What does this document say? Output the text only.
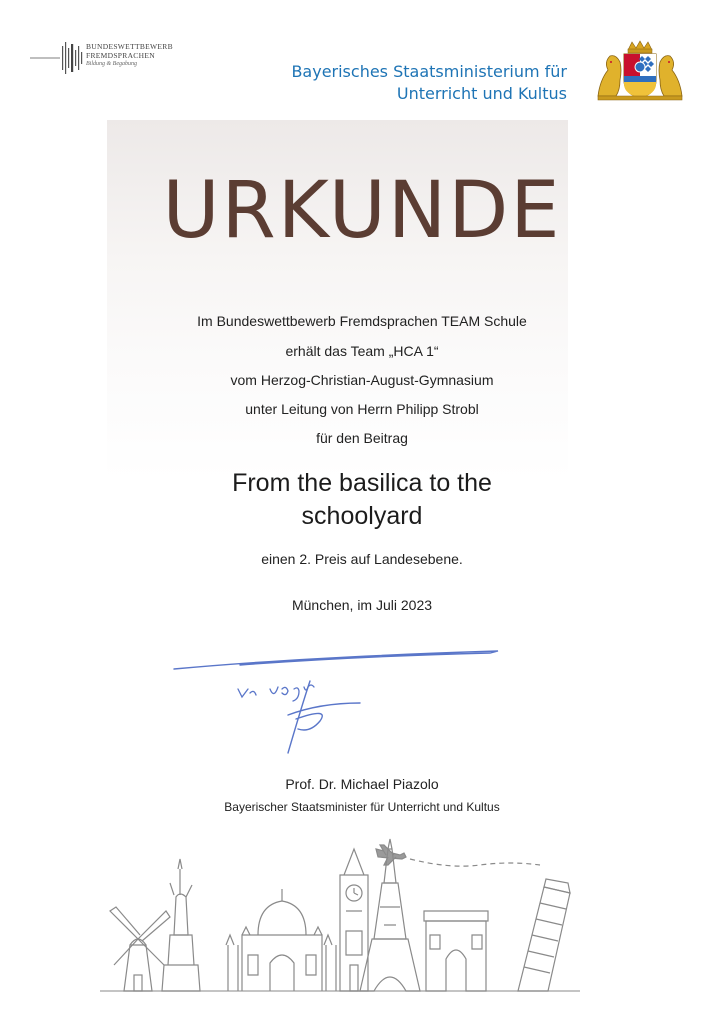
BUNDESWETTBEWERB
FREMDSPRACHEN
Bildung & Begabung	Bayerisches Staatsministerium für
Unterricht und Kultus
URKUNDE
Im Bundeswettbewerb Fremdsprachen TEAM Schule
erhält das Team „HCA 1“
vom Herzog-Christian-August-Gymnasium
unter Leitung von Herrn Philipp Strobl
für den Beitrag
From the basilica to the
schoolyard
einen 2. Preis auf Landesebene.
München, im Juli 2023
Prof. Dr. Michael Piazolo
Bayerischer Staatsminister für Unterricht und Kultus
